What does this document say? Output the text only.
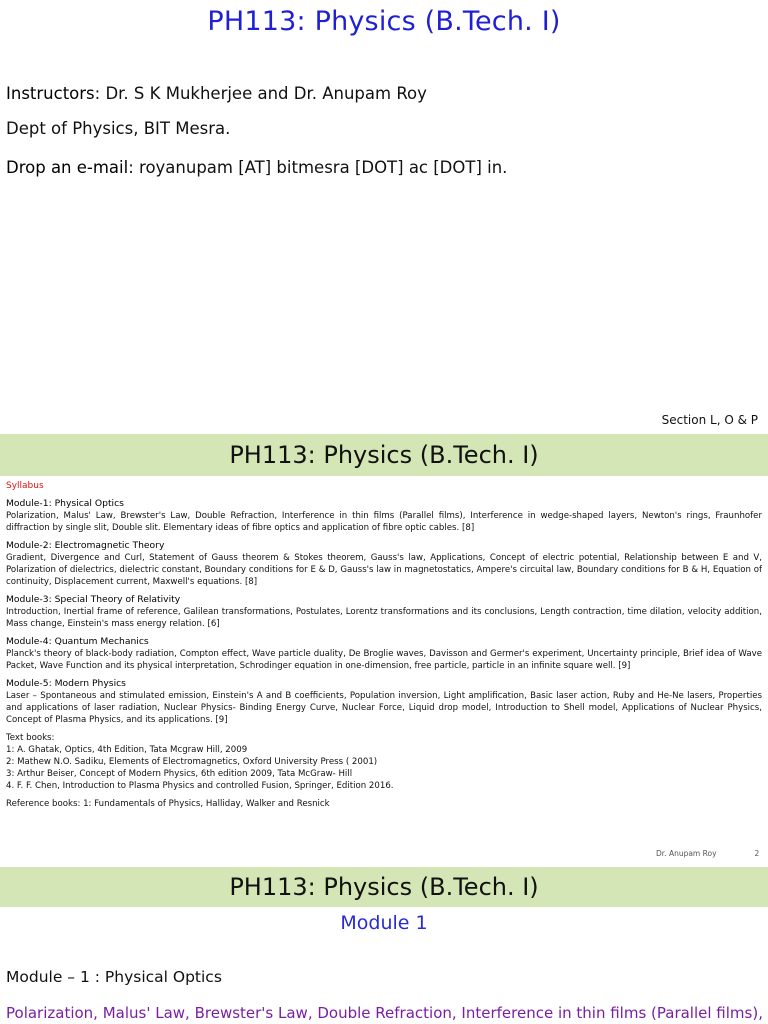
PH113: Physics (B.Tech. I)
Instructors: Dr. S K Mukherjee and Dr. Anupam Roy
Dept of Physics, BIT Mesra.
Drop an e-mail: royanupam [AT] bitmesra [DOT] ac [DOT] in.
Section L, O & P
PH113: Physics (B.Tech. I)
Syllabus
Module-1: Physical Optics
Polarization, Malus' Law, Brewster's Law, Double Refraction, Interference in thin films (Parallel films), Interference in wedge-shaped layers, Newton's rings, Fraunhofer diffraction by single slit, Double slit. Elementary ideas of fibre optics and application of fibre optic cables. [8]
Module-2: Electromagnetic Theory
Gradient, Divergence and Curl, Statement of Gauss theorem & Stokes theorem, Gauss's law, Applications, Concept of electric potential, Relationship between E and V, Polarization of dielectrics, dielectric constant, Boundary conditions for E & D, Gauss's law in magnetostatics, Ampere's circuital law, Boundary conditions for B & H, Equation of continuity, Displacement current, Maxwell's equations. [8]
Module-3: Special Theory of Relativity
Introduction, Inertial frame of reference, Galilean transformations, Postulates, Lorentz transformations and its conclusions, Length contraction, time dilation, velocity addition, Mass change, Einstein's mass energy relation. [6]
Module-4: Quantum Mechanics
Planck's theory of black-body radiation, Compton effect, Wave particle duality, De Broglie waves, Davisson and Germer's experiment, Uncertainty principle, Brief idea of Wave Packet, Wave Function and its physical interpretation, Schrodinger equation in one-dimension, free particle, particle in an infinite square well. [9]
Module-5: Modern Physics
Laser – Spontaneous and stimulated emission, Einstein's A and B coefficients, Population inversion, Light amplification, Basic laser action, Ruby and He-Ne lasers, Properties and applications of laser radiation, Nuclear Physics- Binding Energy Curve, Nuclear Force, Liquid drop model, Introduction to Shell model, Applications of Nuclear Physics, Concept of Plasma Physics, and its applications. [9]
Text books:
1: A. Ghatak, Optics, 4th Edition, Tata Mcgraw Hill, 2009
2: Mathew N.O. Sadiku, Elements of Electromagnetics, Oxford University Press ( 2001)
3: Arthur Beiser, Concept of Modern Physics, 6th edition 2009, Tata McGraw- Hill
4. F. F. Chen, Introduction to Plasma Physics and controlled Fusion, Springer, Edition 2016.
Reference books: 1: Fundamentals of Physics, Halliday, Walker and Resnick
Dr. Anupam Roy	2
PH113: Physics (B.Tech. I)
Module 1
Module – 1 : Physical Optics
Polarization, Malus' Law, Brewster's Law, Double Refraction, Interference in thin films (Parallel films),
